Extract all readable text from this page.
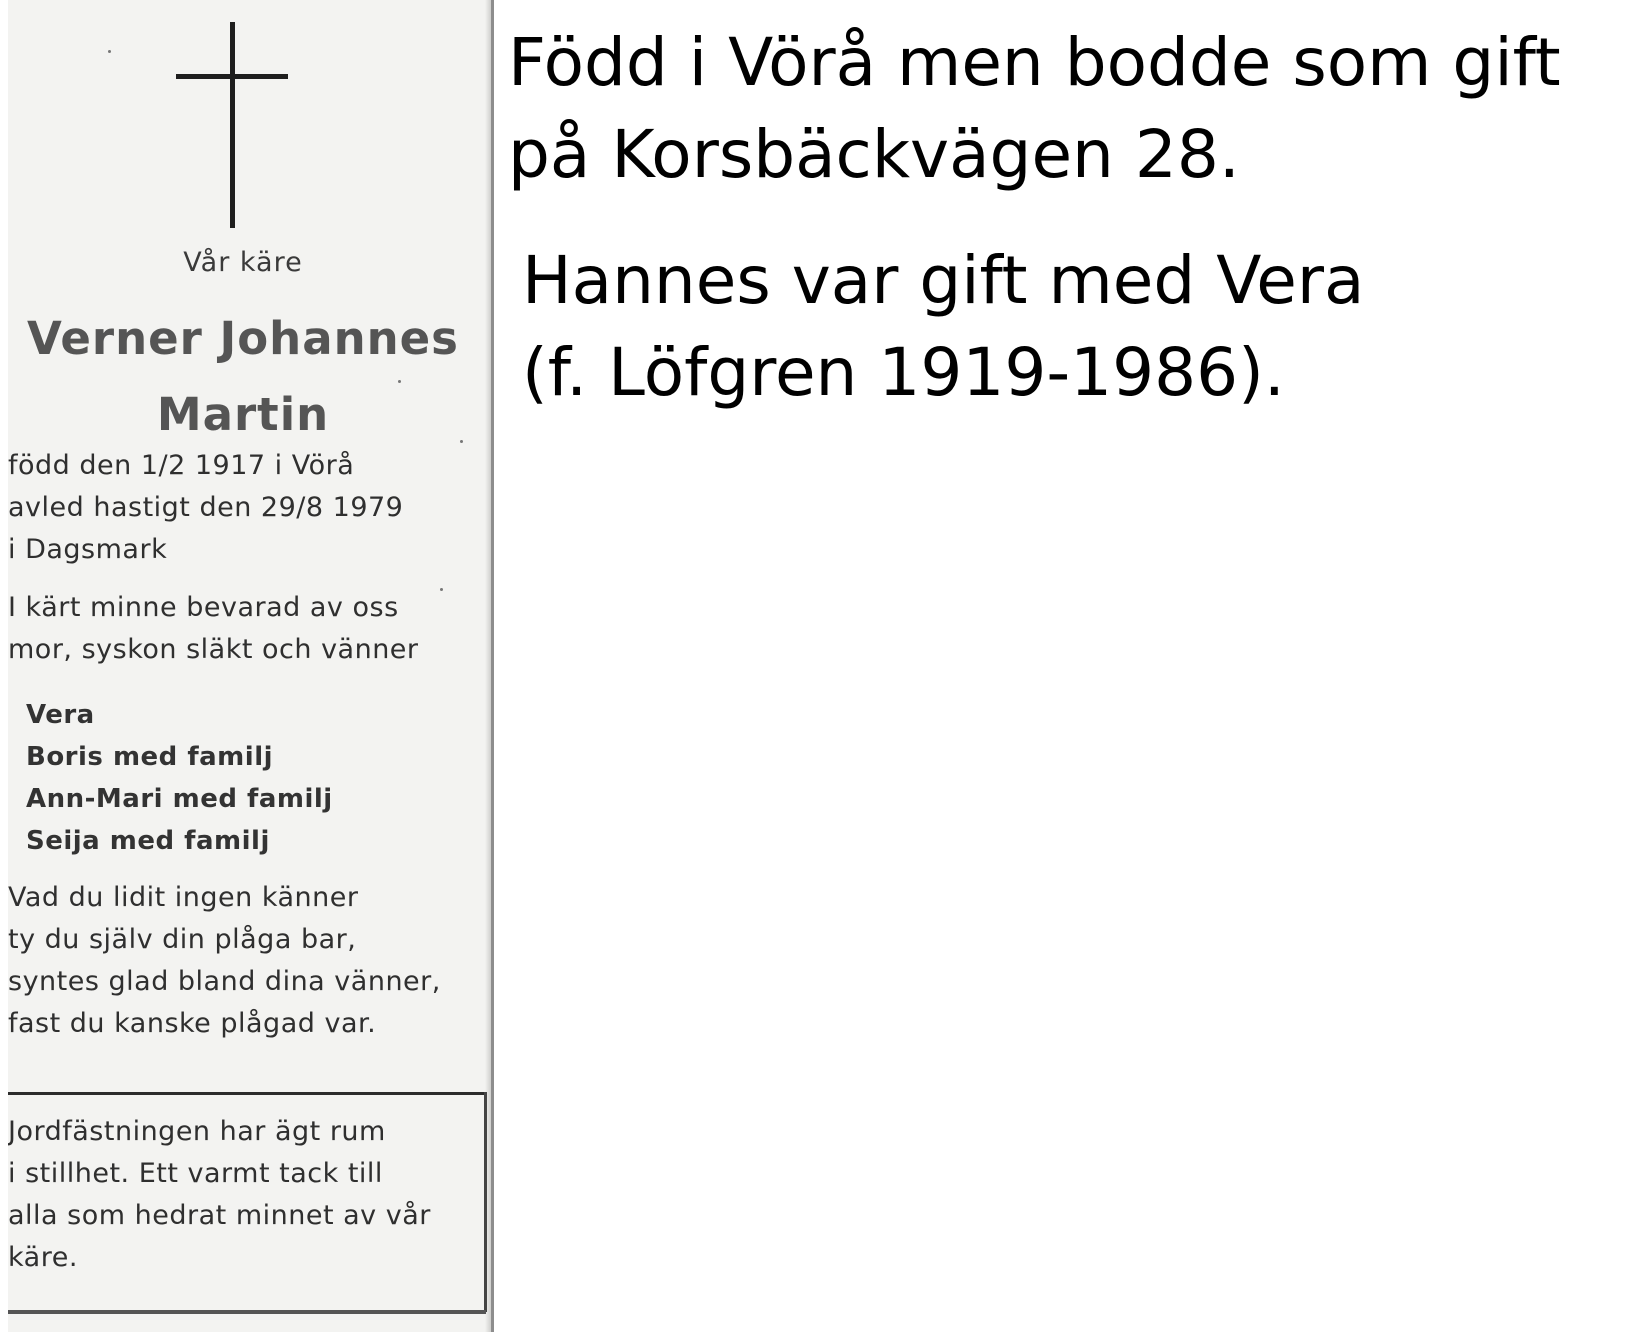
Vår käre
Verner Johannes
Martin
född den 1/2 1917 i Vörå
avled hastigt den 29/8 1979
i Dagsmark
I kärt minne bevarad av oss
mor, syskon släkt och vänner
Vera
Boris med familj
Ann-Mari med familj
Seija med familj
Vad du lidit ingen känner
ty du själv din plåga bar,
syntes glad bland dina vänner,
fast du kanske plågad var.
Jordfästningen har ägt rum
i stillhet. Ett varmt tack till
alla som hedrat minnet av vår
käre.
Född i Vörå men bodde som gift
på Korsbäckvägen 28.
Hannes var gift med Vera
(f. Löfgren 1919-1986).
